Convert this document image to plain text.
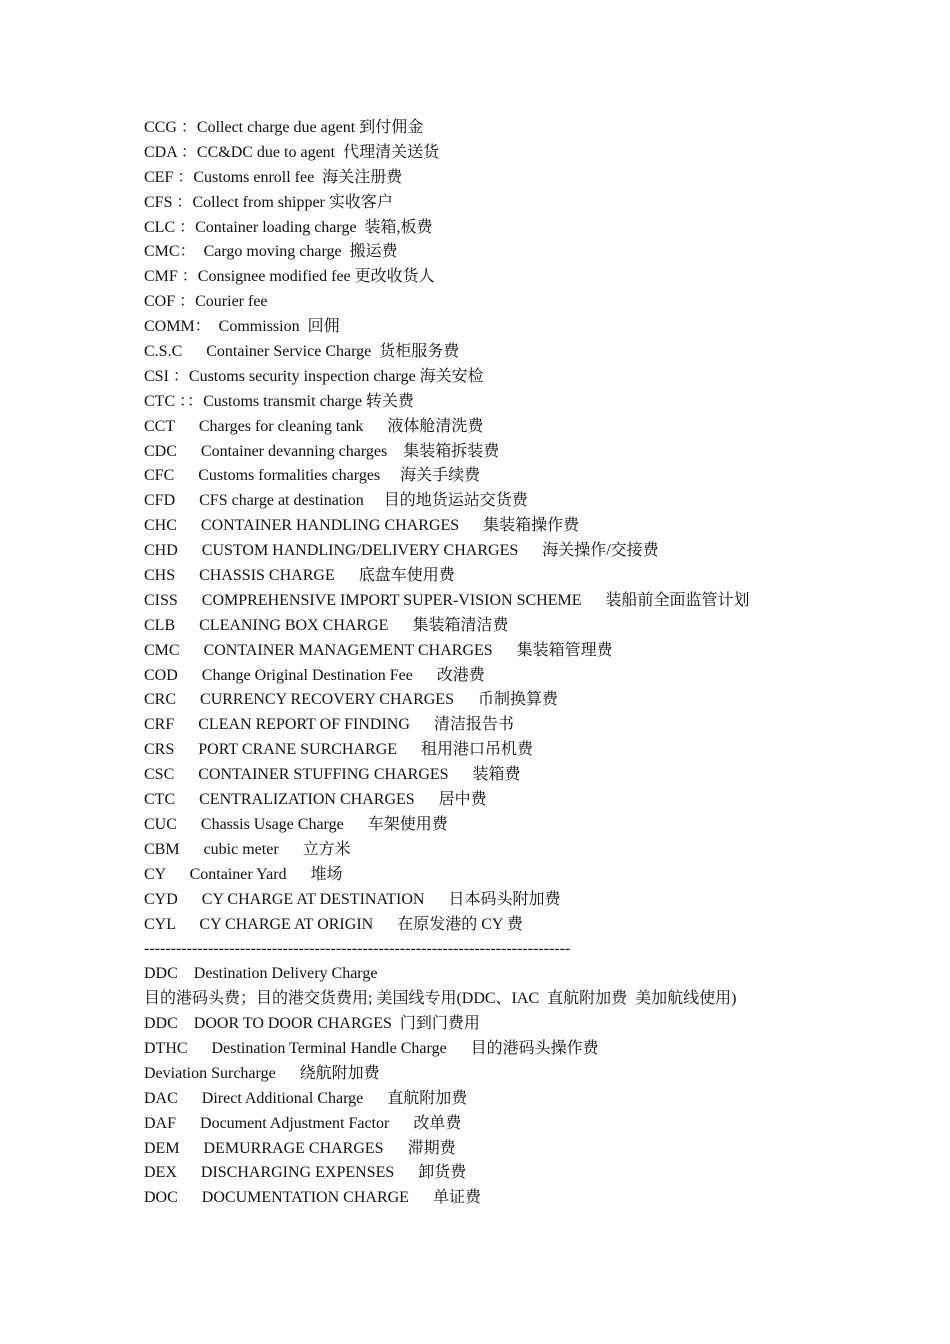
CCG ：Collect charge due agent 到付佣金
CDA ：CC&DC due to agent  代理清关送货
CEF ：Customs enroll fee  海关注册费
CFS ：Collect from shipper 实收客户
CLC ：Container loading charge  装箱,板费
CMC：  Cargo moving charge  搬运费
CMF ：Consignee modified fee 更改收货人
COF ：Courier fee
COMM：  Commission  回佣
C.S.C      Container Service Charge  货柜服务费
CSI ：Customs security inspection charge 海关安检
CTC ：：Customs transmit charge 转关费
CCT      Charges for cleaning tank      液体舱清洗费
CDC      Container devanning charges    集装箱拆装费
CFC      Customs formalities charges     海关手续费
CFD      CFS charge at destination     目的地货运站交货费
CHC      CONTAINER HANDLING CHARGES      集装箱操作费
CHD      CUSTOM HANDLING/DELIVERY CHARGES      海关操作/交接费
CHS      CHASSIS CHARGE      底盘车使用费
CISS      COMPREHENSIVE IMPORT SUPER-VISION SCHEME      装船前全面监管计划
CLB      CLEANING BOX CHARGE      集装箱清洁费
CMC      CONTAINER MANAGEMENT CHARGES      集装箱管理费
COD      Change Original Destination Fee      改港费
CRC      CURRENCY RECOVERY CHARGES      币制换算费
CRF      CLEAN REPORT OF FINDING      清洁报告书
CRS      PORT CRANE SURCHARGE      租用港口吊机费
CSC      CONTAINER STUFFING CHARGES      装箱费
CTC      CENTRALIZATION CHARGES      居中费
CUC      Chassis Usage Charge      车架使用费
CBM      cubic meter      立方米
CY      Container Yard      堆场
CYD      CY CHARGE AT DESTINATION      日本码头附加费
CYL      CY CHARGE AT ORIGIN      在原发港的 CY 费
--------------------------------------------------------------------------------
DDC    Destination Delivery Charge
目的港码头费；目的港交货费用; 美国线专用(DDC、IAC  直航附加费  美加航线使用)
DDC    DOOR TO DOOR CHARGES  门到门费用
DTHC      Destination Terminal Handle Charge      目的港码头操作费
Deviation Surcharge      绕航附加费
DAC      Direct Additional Charge      直航附加费
DAF      Document Adjustment Factor      改单费
DEM      DEMURRAGE CHARGES      滞期费
DEX      DISCHARGING EXPENSES      卸货费
DOC      DOCUMENTATION CHARGE      单证费
